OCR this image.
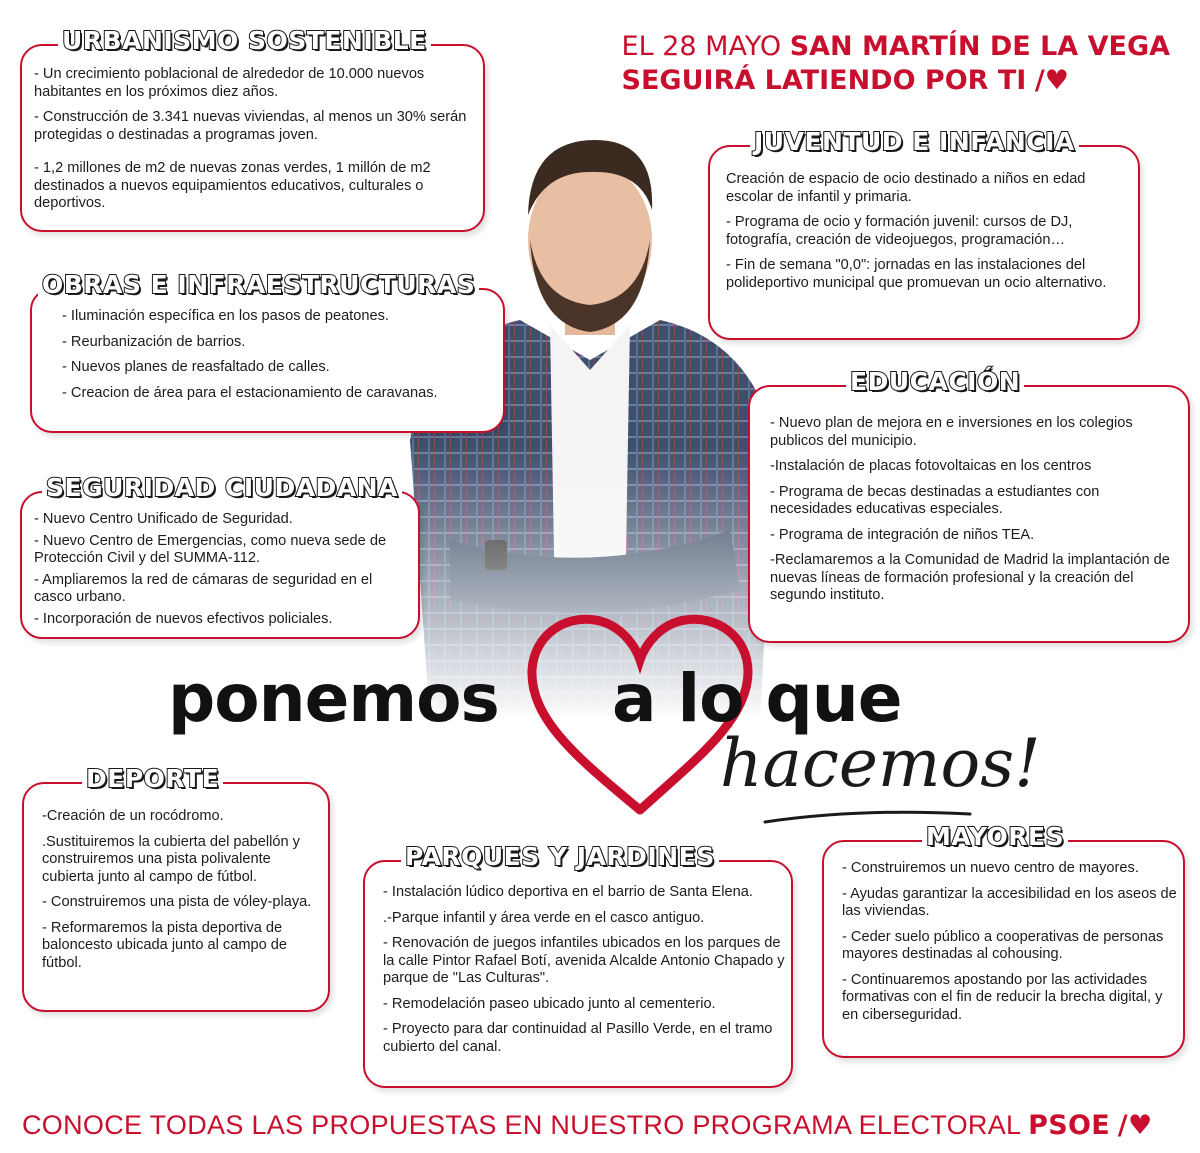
EL 28 MAYO SAN MARTÍN DE LA VEGA
SEGUIRÁ LATIENDO POR TI /♥
URBANISMO SOSTENIBLE

- Un crecimiento poblacional de alrededor de 10.000 nuevos habitantes en los próximos diez años.

- Construcción de 3.341 nuevas viviendas, al menos un 30% serán protegidas o destinadas a programas joven.

- 1,2 millones de m2 de nuevas zonas verdes, 1 millón de m2 destinados a nuevos equipamientos educativos, culturales o deportivos.

OBRAS E INFRAESTRUCTURAS

- Iluminación específica en los pasos de peatones.

- Reurbanización de barrios.

- Nuevos planes de reasfaltado de calles.

- Creacion de área para el estacionamiento de caravanas.

SEGURIDAD CIUDADANA

- Nuevo Centro Unificado de Seguridad.

- Nuevo Centro de Emergencias, como nueva sede de Protección Civil y del SUMMA-112.

- Ampliaremos la red de cámaras de seguridad en el casco urbano.

- Incorporación de nuevos efectivos policiales.

JUVENTUD E INFANCIA

Creación de espacio de ocio destinado a niños en edad escolar de infantil y primaria.

- Programa de ocio y formación juvenil: cursos de DJ, fotografía, creación de videojuegos, programación…

- Fin de semana "0,0": jornadas en las instalaciones del polideportivo municipal que promuevan un ocio alternativo.

EDUCACIÓN

- Nuevo plan de mejora en e inversiones en los colegios publicos del municipio.

-Instalación de placas fotovoltaicas en los centros

- Programa de becas destinadas a estudiantes con necesidades educativas especiales.

- Programa de integración de niños TEA.

-Reclamaremos a la Comunidad de Madrid la implantación de nuevas líneas de formación profesional y la creación del segundo instituto.

ponemos a lo que
hacemos!
DEPORTE

-Creación de un rocódromo.

.Sustituiremos la cubierta del pabellón y construiremos una pista polivalente cubierta junto al campo de fútbol.

- Construiremos una pista de vóley-playa.

- Reformaremos la pista deportiva de baloncesto ubicada junto al campo de fútbol.

PARQUES Y JARDINES

- Instalación lúdico deportiva en el barrio de Santa Elena.

.-Parque infantil y área verde en el casco antiguo.

- Renovación de juegos infantiles ubicados en los parques de la calle Pintor Rafael Botí, avenida Alcalde Antonio Chapado y parque de "Las Culturas".

- Remodelación paseo ubicado junto al cementerio.

- Proyecto para dar continuidad al Pasillo Verde, en el tramo cubierto del canal.

MAYORES

- Construiremos un nuevo centro de mayores.

- Ayudas garantizar la accesibilidad en los aseos de las viviendas.

- Ceder suelo público a cooperativas de personas mayores destinadas al cohousing.

- Continuaremos apostando por las actividades formativas con el fin de reducir la brecha digital, y en ciberseguridad.

CONOCE TODAS LAS PROPUESTAS EN NUESTRO PROGRAMA ELECTORAL PSOE /♥
